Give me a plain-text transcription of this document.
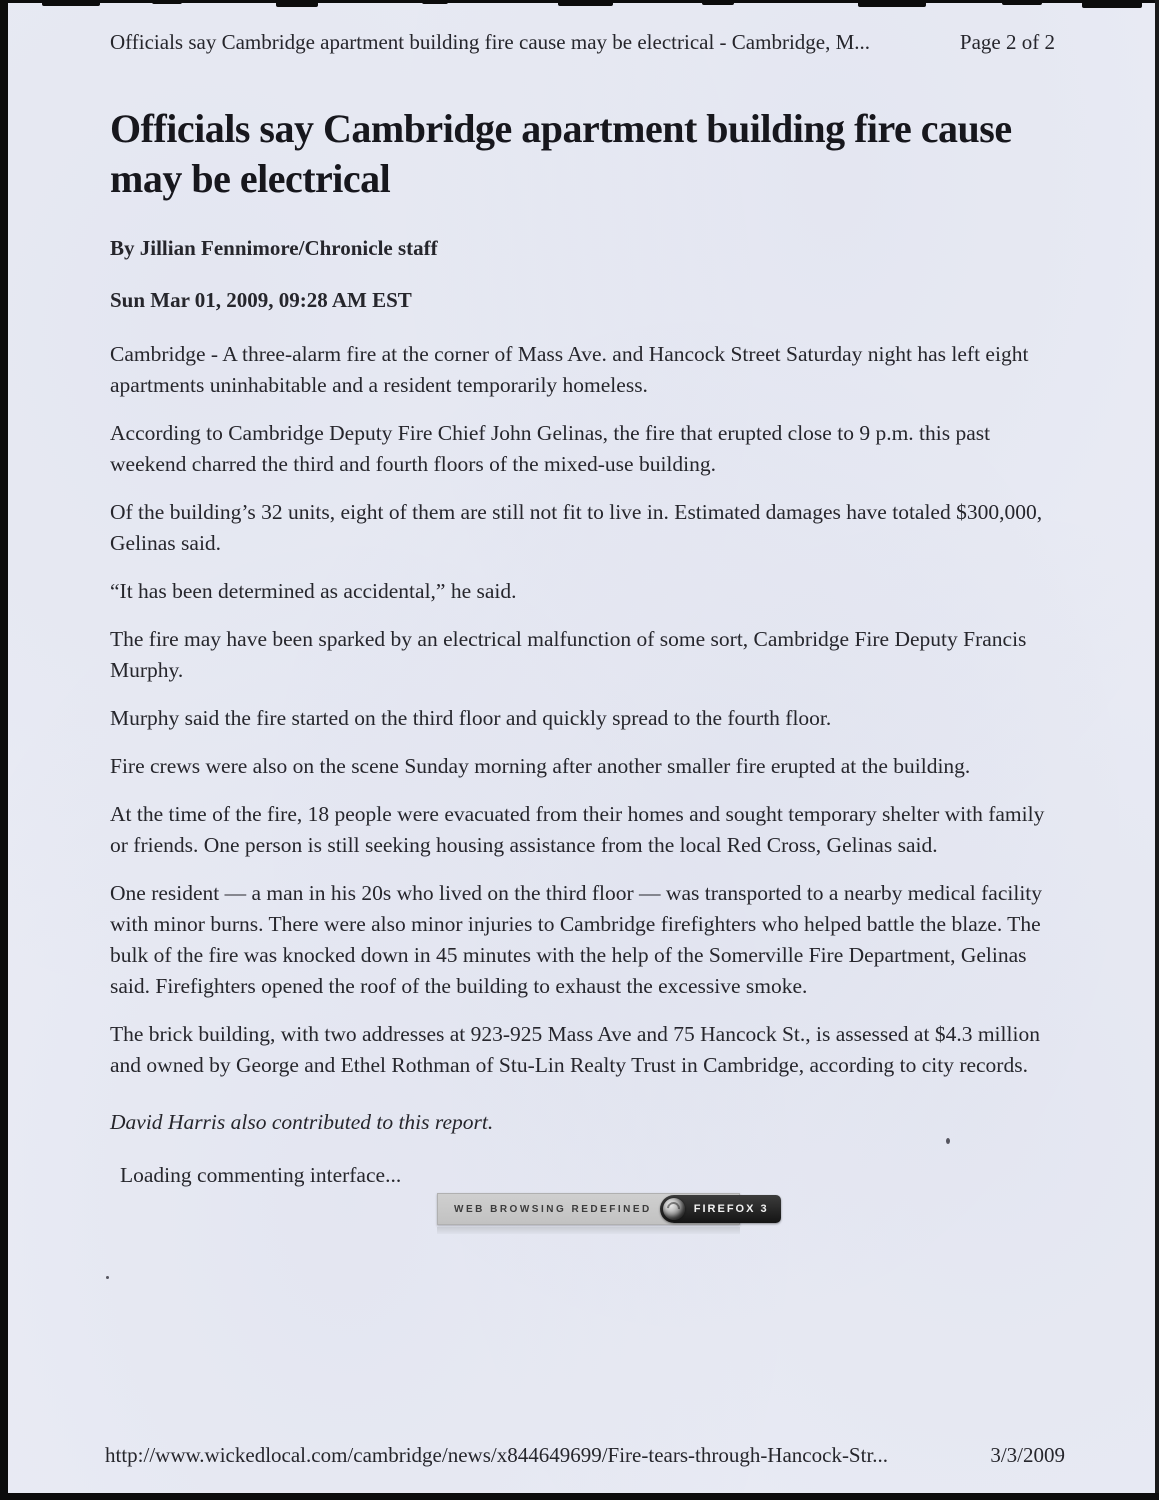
Officials say Cambridge apartment building fire cause may be electrical - Cambridge, M...	Page 2 of 2
Officials say Cambridge apartment building fire cause may be electrical
By Jillian Fennimore/Chronicle staff
Sun Mar 01, 2009, 09:28 AM EST

Cambridge - A three-alarm fire at the corner of Mass Ave. and Hancock Street Saturday night has left eight apartments uninhabitable and a resident temporarily homeless.

According to Cambridge Deputy Fire Chief John Gelinas, the fire that erupted close to 9 p.m. this past weekend charred the third and fourth floors of the mixed-use building.

Of the building’s 32 units, eight of them are still not fit to live in. Estimated damages have totaled $300,000, Gelinas said.

“It has been determined as accidental,” he said.

The fire may have been sparked by an electrical malfunction of some sort, Cambridge Fire Deputy Francis Murphy.

Murphy said the fire started on the third floor and quickly spread to the fourth floor.

Fire crews were also on the scene Sunday morning after another smaller fire erupted at the building.

At the time of the fire, 18 people were evacuated from their homes and sought temporary shelter with family or friends. One person is still seeking housing assistance from the local Red Cross, Gelinas said.

One resident — a man in his 20s who lived on the third floor — was transported to a nearby medical facility with minor burns. There were also minor injuries to Cambridge firefighters who helped battle the blaze. The bulk of the fire was knocked down in 45 minutes with the help of the Somerville Fire Department, Gelinas said. Firefighters opened the roof of the building to exhaust the excessive smoke.

The brick building, with two addresses at 923-925 Mass Ave and 75 Hancock St., is assessed at $4.3 million and owned by George and Ethel Rothman of Stu-Lin Realty Trust in Cambridge, according to city records.

David Harris also contributed to this report.
Loading commenting interface...
WEB BROWSING REDEFINED	FIREFOX 3
http://www.wickedlocal.com/cambridge/news/x844649699/Fire-tears-through-Hancock-Str...	3/3/2009
